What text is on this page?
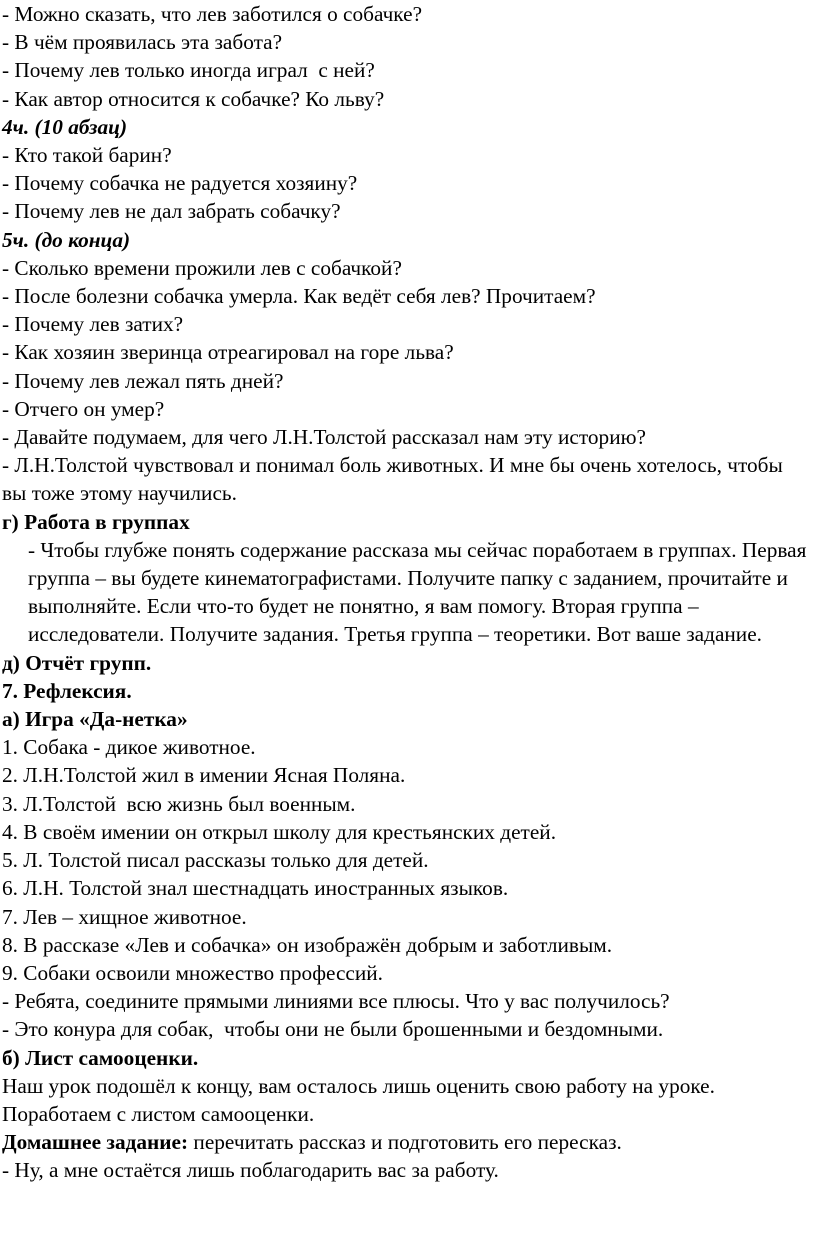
- Можно сказать, что лев заботился о собачке?
- В чём проявилась эта забота?
- Почему лев только иногда играл  с ней?
- Как автор относится к собачке? Ко льву?
4ч. (10 абзац)
- Кто такой барин?
- Почему собачка не радуется хозяину?
- Почему лев не дал забрать собачку?
5ч. (до конца)
- Сколько времени прожили лев с собачкой?
- После болезни собачка умерла. Как ведёт себя лев? Прочитаем?
- Почему лев затих?
- Как хозяин зверинца отреагировал на горе льва?
- Почему лев лежал пять дней?
- Отчего он умер?
- Давайте подумаем, для чего Л.Н.Толстой рассказал нам эту историю?
- Л.Н.Толстой чувствовал и понимал боль животных. И мне бы очень хотелось, чтобы вы тоже этому научились.
г) Работа в группах
- Чтобы глубже понять содержание рассказа мы сейчас поработаем в группах. Первая группа – вы будете кинематографистами. Получите папку с заданием, прочитайте и выполняйте. Если что-то будет не понятно, я вам помогу. Вторая группа – исследователи. Получите задания. Третья группа – теоретики. Вот ваше задание.
д) Отчёт групп.
7. Рефлексия.
а) Игра «Да-нетка»
1. Собака - дикое животное.
2. Л.Н.Толстой жил в имении Ясная Поляна.
3. Л.Толстой  всю жизнь был военным.
4. В своём имении он открыл школу для крестьянских детей.
5. Л. Толстой писал рассказы только для детей.
6. Л.Н. Толстой знал шестнадцать иностранных языков.
7. Лев – хищное животное.
8. В рассказе «Лев и собачка» он изображён добрым и заботливым.
9. Собаки освоили множество профессий.
- Ребята, соедините прямыми линиями все плюсы. Что у вас получилось?
- Это конура для собак,  чтобы они не были брошенными и бездомными.
б) Лист самооценки.
Наш урок подошёл к концу, вам осталось лишь оценить свою работу на уроке. Поработаем с листом самооценки.
Домашнее задание: перечитать рассказ и подготовить его пересказ.
- Ну, а мне остаётся лишь поблагодарить вас за работу.
